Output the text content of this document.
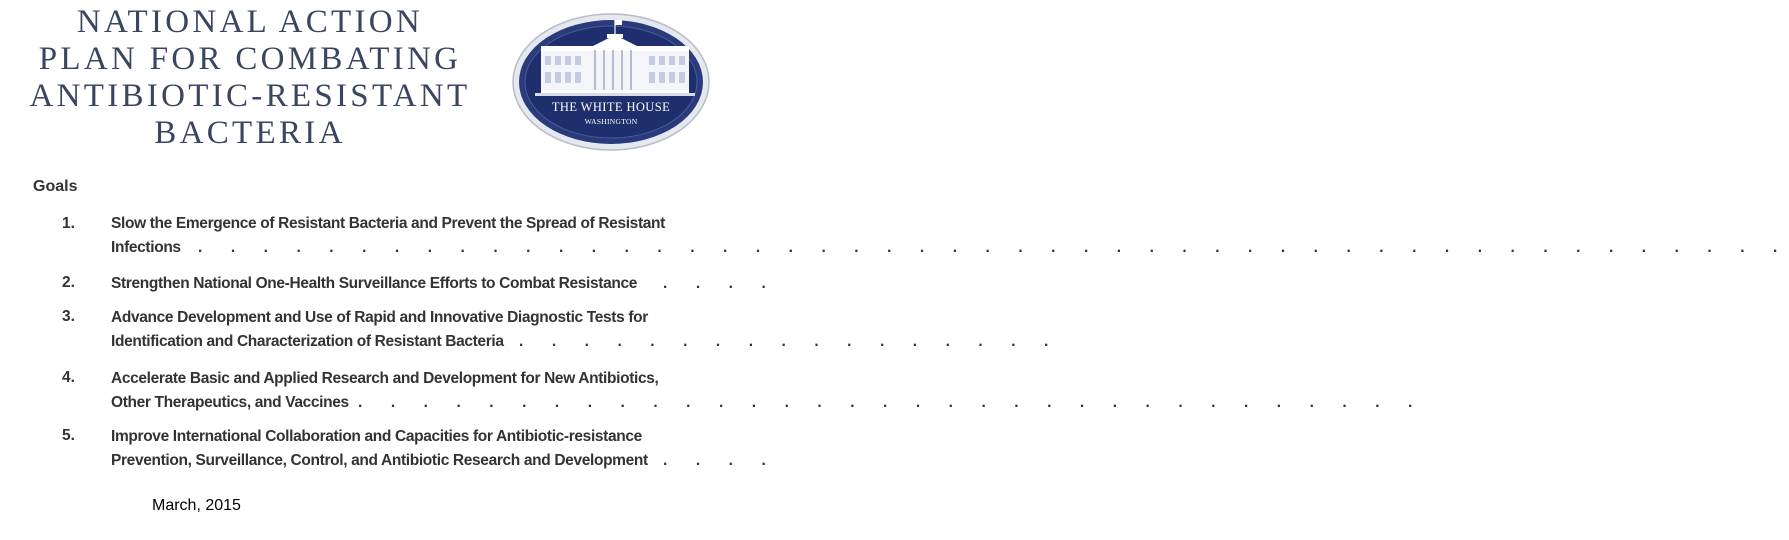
NATIONAL ACTION
PLAN FOR COMBATING
ANTIBIOTIC-RESISTANT
BACTERIA
THE WHITE HOUSE
WASHINGTON
Goals
1. Slow the Emergence of Resistant Bacteria and Prevent the Spread of Resistant
Infections . . . . . . . . . . . . . . . . . . . . . . . . . . . . . . . . . . . . . . . . . . . . . . . . .
2. Strengthen National One-Health Surveillance Efforts to Combat Resistance . . . .
3. Advance Development and Use of Rapid and Innovative Diagnostic Tests for
Identification and Characterization of Resistant Bacteria . . . . . . . . . . . . . . . . .
4. Accelerate Basic and Applied Research and Development for New Antibiotics,
Other Therapeutics, and Vaccines . . . . . . . . . . . . . . . . . . . . . . . . . . . . . . . . .
5. Improve International Collaboration and Capacities for Antibiotic-resistance
Prevention, Surveillance, Control, and Antibiotic Research and Development . . . .
March, 2015
